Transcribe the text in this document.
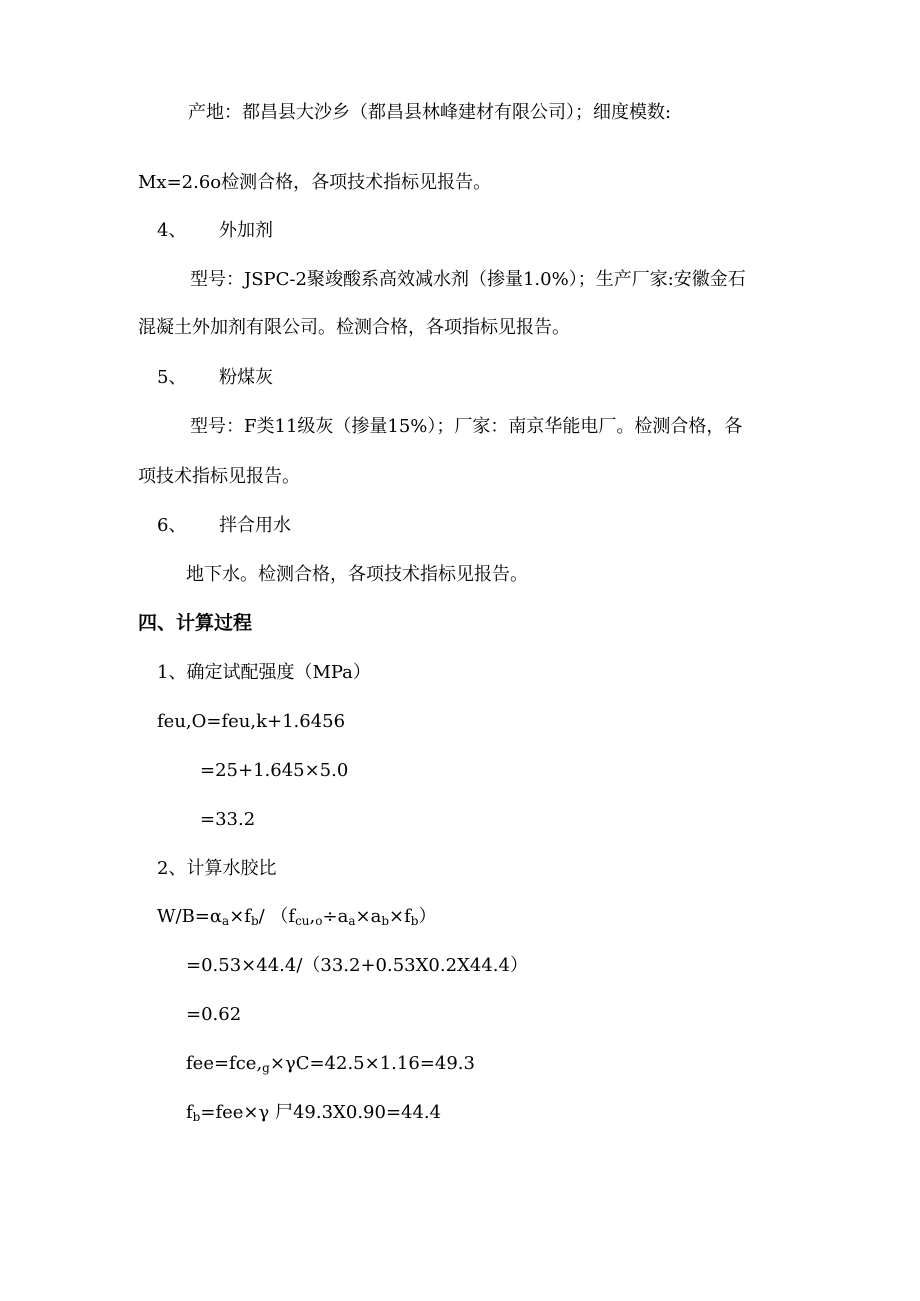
产地：都昌县大沙乡（都昌县林峰建材有限公司）；细度模数:
Mx=2.6o检测合格，各项技术指标见报告。
4、 外加剂
型号：JSPC-2聚竣酸系高效减水剂（掺量1.0%）；生产厂家:安徽金石
混凝土外加剂有限公司。检测合格，各项指标见报告。
5、 粉煤灰
型号：F类11级灰（掺量15%）；厂家：南京华能电厂。检测合格，各
项技术指标见报告。
6、 拌合用水
地下水。检测合格，各项技术指标见报告。
四、计算过程
1、确定试配强度（MPa）
feu,O=feu,k+1.6456
=25+1.645×5.0
=33.2
2、计算水胶比
$W/B=\alpha_a\times f_b/$ $(f_{cu},_o\div a_a\times a_b\times f_b)$
=0.53×44.4/（33.2+0.53X0.2X44.4）
=0.62
$fee=fce,_g\times\gamma C=42.5\times 1.16=49.3$
$f_b=fee\times\gamma$ 尸49.3X0.90=44.4
